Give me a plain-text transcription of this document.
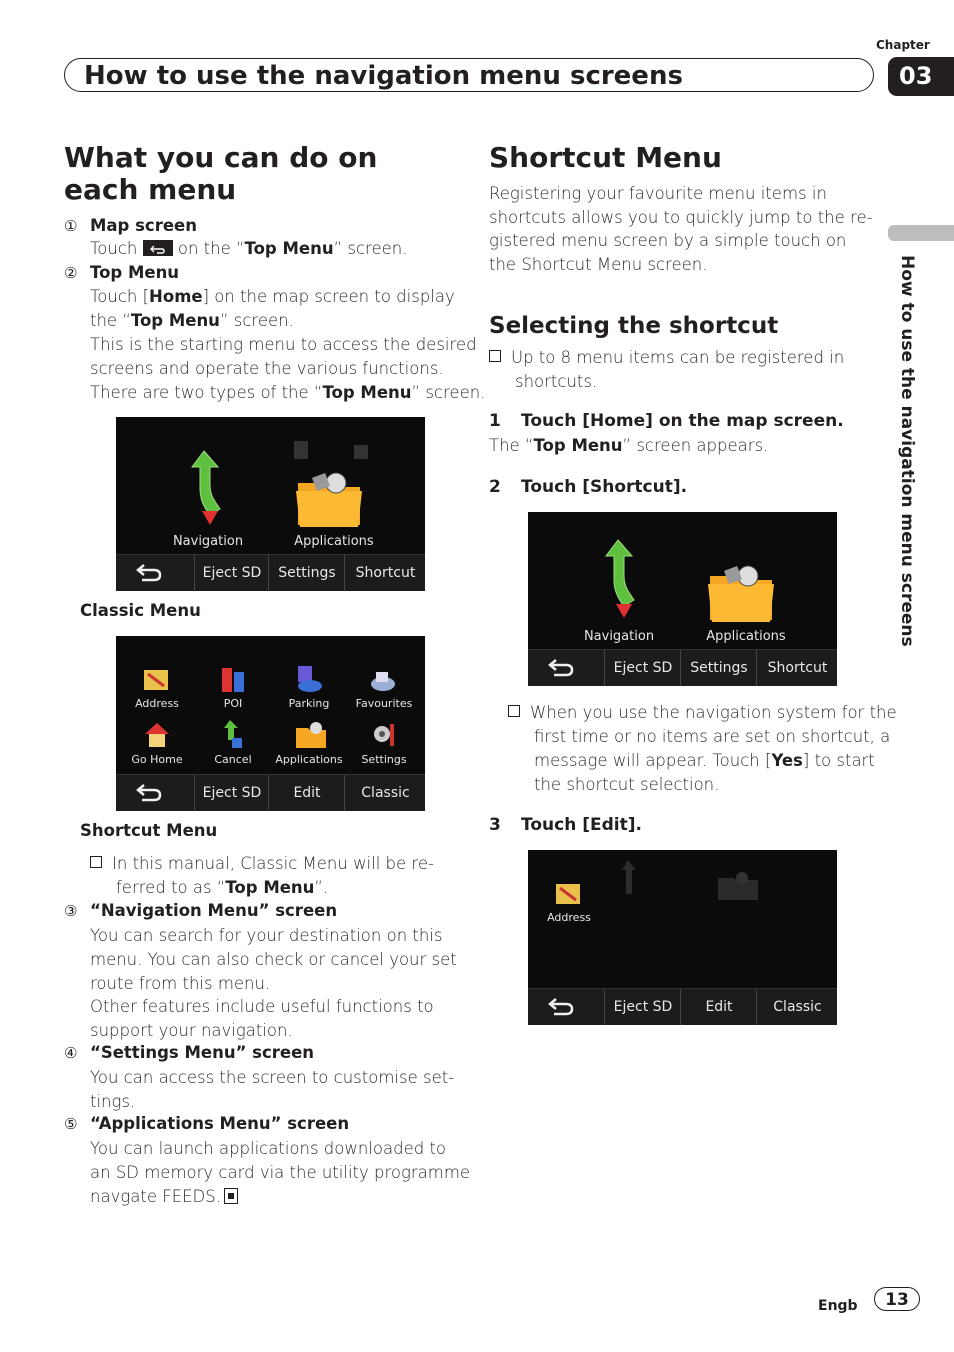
Chapter
How to use the navigation menu screens	03
How to use the navigation menu screens
What you can do on each menu
① Map screen
Touch on the “Top Menu” screen.
② Top Menu
Touch [Home] on the map screen to display
the “Top Menu” screen.
This is the starting menu to access the desired
screens and operate the various functions.
There are two types of the “Top Menu” screen.
Navigation	Applications
Eject SD	Settings	Shortcut
Classic Menu
Address	POI	Parking	Favourites
Go Home	Cancel	Applications	Settings
Eject SD	Edit	Classic
Shortcut Menu
In this manual, Classic Menu will be re-
ferred to as “Top Menu”.
③ “Navigation Menu” screen
You can search for your destination on this
menu. You can also check or cancel your set
route from this menu.
Other features include useful functions to
support your navigation.
④ “Settings Menu” screen
You can access the screen to customise set-
tings.
⑤ “Applications Menu” screen
You can launch applications downloaded to
an SD memory card via the utility programme
navgate FEEDS.
Shortcut Menu
Registering your favourite menu items in
shortcuts allows you to quickly jump to the re-
gistered menu screen by a simple touch on
the Shortcut Menu screen.
Selecting the shortcut
Up to 8 menu items can be registered in
shortcuts.
1 Touch [Home] on the map screen.
The “Top Menu” screen appears.
2 Touch [Shortcut].
Navigation	Applications
Eject SD	Settings	Shortcut
When you use the navigation system for the
first time or no items are set on shortcut, a
message will appear. Touch [Yes] to start
the shortcut selection.
3 Touch [Edit].
Address
Eject SD	Edit	Classic
Engb	13
